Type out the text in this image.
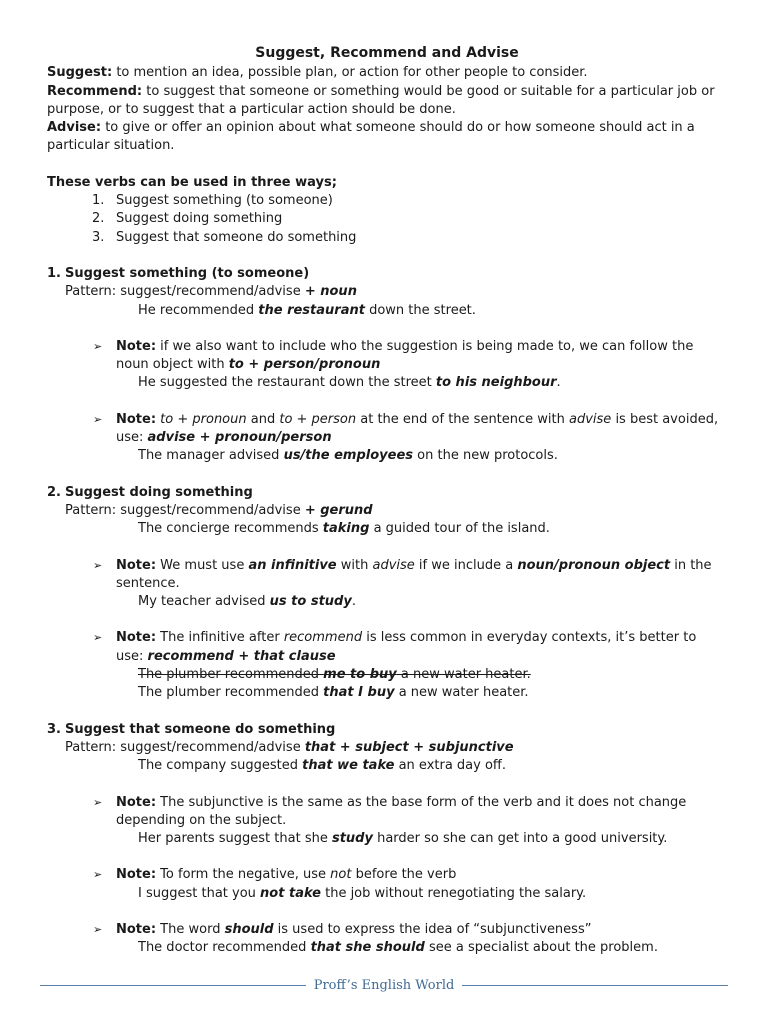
Suggest, Recommend and Advise

Suggest: to mention an idea, possible plan, or action for other people to consider.

Recommend: to suggest that someone or something would be good or suitable for a particular job or purpose, or to suggest that a particular action should be done.

Advise: to give or offer an opinion about what someone should do or how someone should act in a particular situation.

These verbs can be used in three ways;
1. Suggest something (to someone)
2. Suggest doing something
3. Suggest that someone do something
1. Suggest something (to someone)
Pattern: suggest/recommend/advise + noun
He recommended the restaurant down the street.
➢ Note: if we also want to include who the suggestion is being made to, we can follow the noun object with to + person/pronoun
He suggested the restaurant down the street to his neighbour.
➢ Note: to + pronoun and to + person at the end of the sentence with advise is best avoided, use: advise + pronoun/person
The manager advised us/the employees on the new protocols.
2. Suggest doing something
Pattern: suggest/recommend/advise + gerund
The concierge recommends taking a guided tour of the island.
➢ Note: We must use an infinitive with advise if we include a noun/pronoun object in the sentence.
My teacher advised us to study.
➢ Note: The infinitive after recommend is less common in everyday contexts, it’s better to use: recommend + that clause
The plumber recommended me to buy a new water heater.
The plumber recommended that I buy a new water heater.
3. Suggest that someone do something
Pattern: suggest/recommend/advise that + subject + subjunctive
The company suggested that we take an extra day off.
➢ Note: The subjunctive is the same as the base form of the verb and it does not change depending on the subject.
Her parents suggest that she study harder so she can get into a good university.
➢ Note: To form the negative, use not before the verb
I suggest that you not take the job without renegotiating the salary.
➢ Note: The word should is used to express the idea of “subjunctiveness”
The doctor recommended that she should see a specialist about the problem.
Proff’s English World
